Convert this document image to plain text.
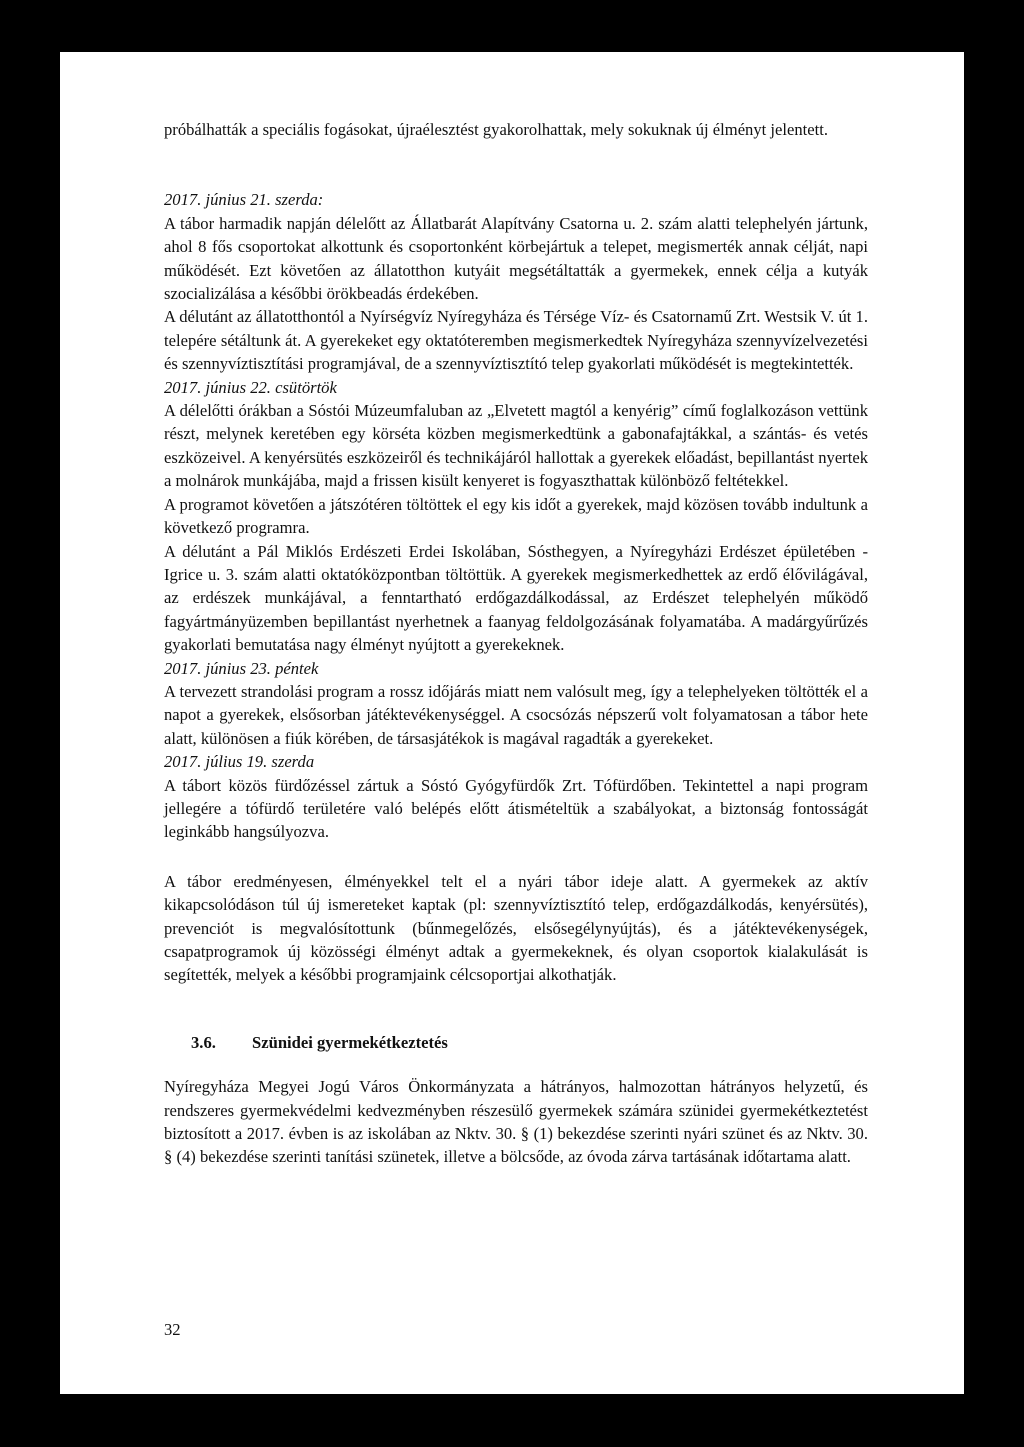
próbálhatták a speciális fogásokat, újraélesztést gyakorolhattak, mely sokuknak új élményt jelentett.

2017. június 21. szerda:

A tábor harmadik napján délelőtt az Állatbarát Alapítvány Csatorna u. 2. szám alatti telephelyén jártunk, ahol 8 fős csoportokat alkottunk és csoportonként körbejártuk a telepet, megismerték annak célját, napi működését. Ezt követően az állatotthon kutyáit megsétáltatták a gyermekek, ennek célja a kutyák szocializálása a későbbi örökbeadás érdekében.

A délutánt az állatotthontól a Nyírségvíz Nyíregyháza és Térsége Víz- és Csatornamű Zrt. Westsik V. út 1. telepére sétáltunk át. A gyerekeket egy oktatóteremben megismerkedtek Nyíregyháza szennyvízelvezetési és szennyvíztisztítási programjával, de a szennyvíztisztító telep gyakorlati működését is megtekintették.

2017. június 22. csütörtök

A délelőtti órákban a Sóstói Múzeumfaluban az „Elvetett magtól a kenyérig” című foglalkozáson vettünk részt, melynek keretében egy körséta közben megismerkedtünk a gabonafajtákkal, a szántás- és vetés eszközeivel. A kenyérsütés eszközeiről és technikájáról hallottak a gyerekek előadást, bepillantást nyertek a molnárok munkájába, majd a frissen kisült kenyeret is fogyaszthattak különböző feltétekkel.

A programot követően a játszótéren töltöttek el egy kis időt a gyerekek, majd közösen tovább indultunk a következő programra.

A délutánt a Pál Miklós Erdészeti Erdei Iskolában, Sósthegyen, a Nyíregyházi Erdészet épületében - Igrice u. 3. szám alatti oktatóközpontban töltöttük. A gyerekek megismerkedhettek az erdő élővilágával, az erdészek munkájával, a fenntartható erdőgazdálkodással, az Erdészet telephelyén működő fagyártmányüzemben bepillantást nyerhetnek a faanyag feldolgozásának folyamatába. A madárgyűrűzés gyakorlati bemutatása nagy élményt nyújtott a gyerekeknek.

2017. június 23. péntek

A tervezett strandolási program a rossz időjárás miatt nem valósult meg, így a telephelyeken töltötték el a napot a gyerekek, elsősorban játéktevékenységgel. A csocsózás népszerű volt folyamatosan a tábor hete alatt, különösen a fiúk körében, de társasjátékok is magával ragadták a gyerekeket.

2017. július 19. szerda

A tábort közös fürdőzéssel zártuk a Sóstó Gyógyfürdők Zrt. Tófürdőben. Tekintettel a napi program jellegére a tófürdő területére való belépés előtt átismételtük a szabályokat, a biztonság fontosságát leginkább hangsúlyozva.

A tábor eredményesen, élményekkel telt el a nyári tábor ideje alatt. A gyermekek az aktív kikapcsolódáson túl új ismereteket kaptak (pl: szennyvíztisztító telep, erdőgazdálkodás, kenyérsütés), prevenciót is megvalósítottunk (bűnmegelőzés, elsősegélynyújtás), és a játéktevékenységek, csapatprogramok új közösségi élményt adtak a gyermekeknek, és olyan csoportok kialakulását is segítették, melyek a későbbi programjaink célcsoportjai alkothatják.

3.6.	Szünidei gyermekétkeztetés

Nyíregyháza Megyei Jogú Város Önkormányzata a hátrányos, halmozottan hátrányos helyzetű, és rendszeres gyermekvédelmi kedvezményben részesülő gyermekek számára szünidei gyermekétkeztetést biztosított a 2017. évben is az iskolában az Nktv. 30. § (1) bekezdése szerinti nyári szünet és az Nktv. 30. § (4) bekezdése szerinti tanítási szünetek, illetve a bölcsőde, az óvoda zárva tartásának időtartama alatt.

32
